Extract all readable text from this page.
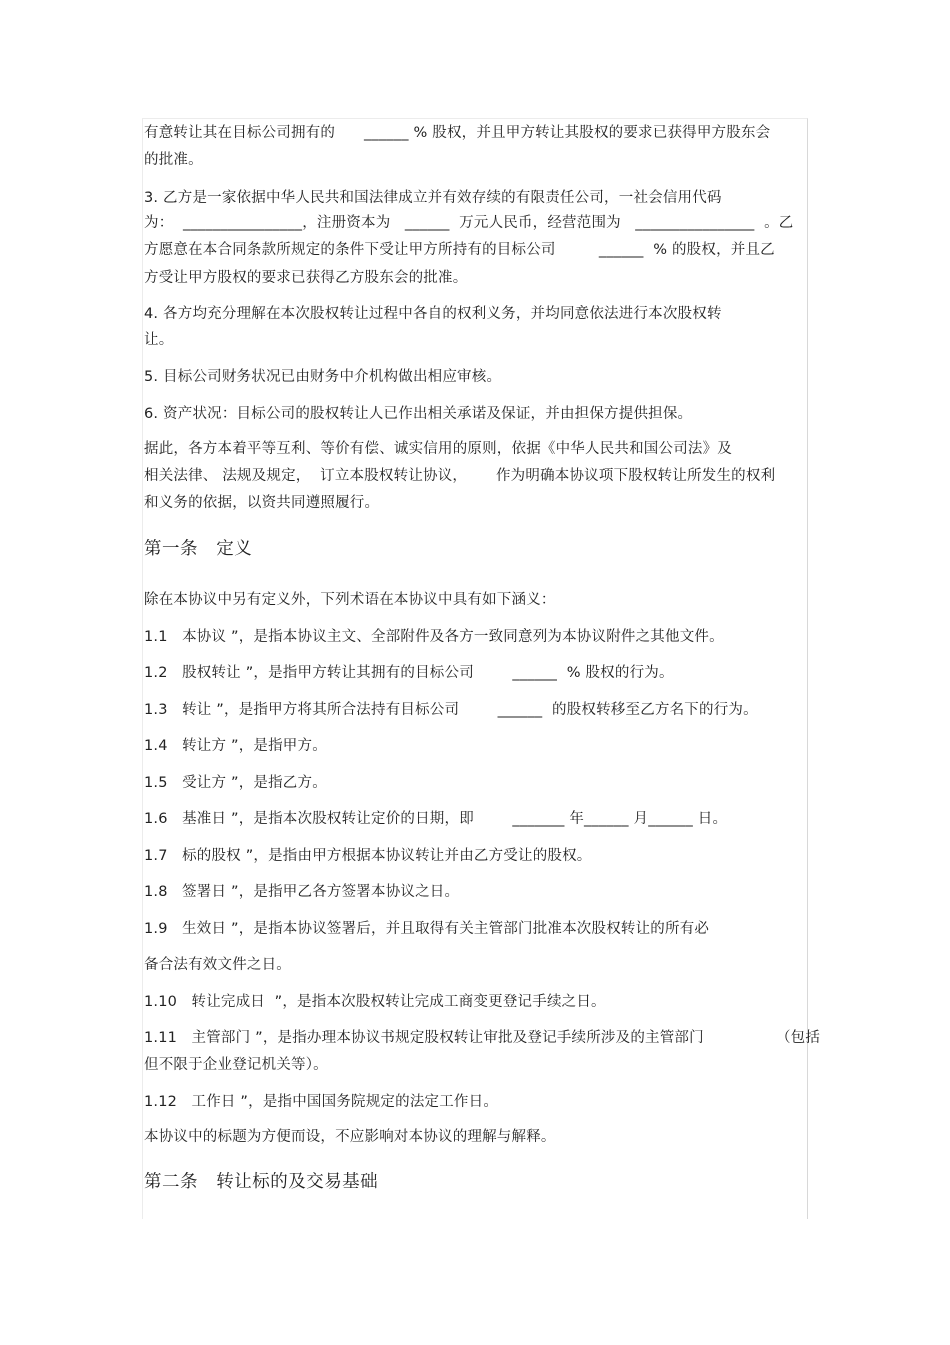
有意转让其在目标公司拥有的      ______ % 股权，并且甲方转让其股权的要求已获得甲方股东会
的批准。
3. 乙方是一家依据中华人民共和国法律成立并有效存续的有限责任公司，一社会信用代码
为：  ________________，注册资本为   ______  万元人民币，经营范围为   ________________  。乙
方愿意在本合同条款所规定的条件下受让甲方所持有的目标公司         ______  % 的股权，并且乙
方受让甲方股权的要求已获得乙方股东会的批准。
4. 各方均充分理解在本次股权转让过程中各自的权利义务，并均同意依法进行本次股权转
让。
5. 目标公司财务状况已由财务中介机构做出相应审核。
6. 资产状况：目标公司的股权转让人已作出相关承诺及保证，并由担保方提供担保。
据此，各方本着平等互利、等价有偿、诚实信用的原则，依据《中华人民共和国公司法》及
相关法律、 法规及规定，  订立本股权转让协议，      作为明确本协议项下股权转让所发生的权利
和义务的依据，以资共同遵照履行。
第一条   定义
除在本协议中另有定义外，下列术语在本协议中具有如下涵义：
1.1   本协议 ”，是指本协议主文、全部附件及各方一致同意列为本协议附件之其他文件。
1.2   股权转让 ”，是指甲方转让其拥有的目标公司        ______  % 股权的行为。
1.3   转让 ”，是指甲方将其所合法持有目标公司        ______  的股权转移至乙方名下的行为。
1.4   转让方 ”，是指甲方。
1.5   受让方 ”，是指乙方。
1.6   基准日 ”，是指本次股权转让定价的日期，即        _______ 年______ 月______ 日。
1.7   标的股权 ”，是指由甲方根据本协议转让并由乙方受让的股权。
1.8   签署日 ”，是指甲乙各方签署本协议之日。
1.9   生效日 ”，是指本协议签署后，并且取得有关主管部门批准本次股权转让的所有必
备合法有效文件之日。
1.10   转让完成日  ”，是指本次股权转让完成工商变更登记手续之日。
1.11   主管部门 ”，是指办理本协议书规定股权转让审批及登记手续所涉及的主管部门               （包括
但不限于企业登记机关等）。
1.12   工作日 ”，是指中国国务院规定的法定工作日。
本协议中的标题为方便而设，不应影响对本协议的理解与解释。
第二条   转让标的及交易基础
